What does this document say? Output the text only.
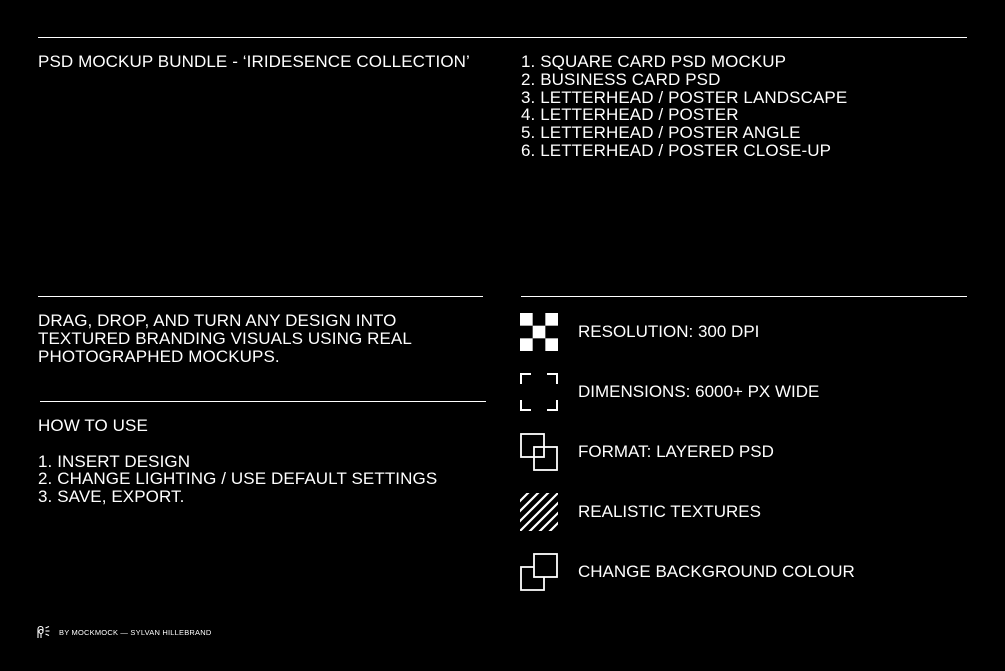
PSD MOCKUP BUNDLE - ‘IRIDESENCE COLLECTION’	1. SQUARE CARD PSD MOCKUP
2. BUSINESS CARD PSD
3. LETTERHEAD / POSTER LANDSCAPE
4. LETTERHEAD / POSTER
5. LETTERHEAD / POSTER ANGLE
6. LETTERHEAD / POSTER CLOSE-UP
DRAG, DROP, AND TURN ANY DESIGN INTO
TEXTURED BRANDING VISUALS USING REAL
PHOTOGRAPHED MOCKUPS.
HOW TO USE
1. INSERT DESIGN
2. CHANGE LIGHTING / USE DEFAULT SETTINGS
3. SAVE, EXPORT.
RESOLUTION: 300 DPI
DIMENSIONS: 6000+ PX WIDE
FORMAT: LAYERED PSD
REALISTIC TEXTURES
CHANGE BACKGROUND COLOUR
BY MOCKMOCK — SYLVAN HILLEBRAND
